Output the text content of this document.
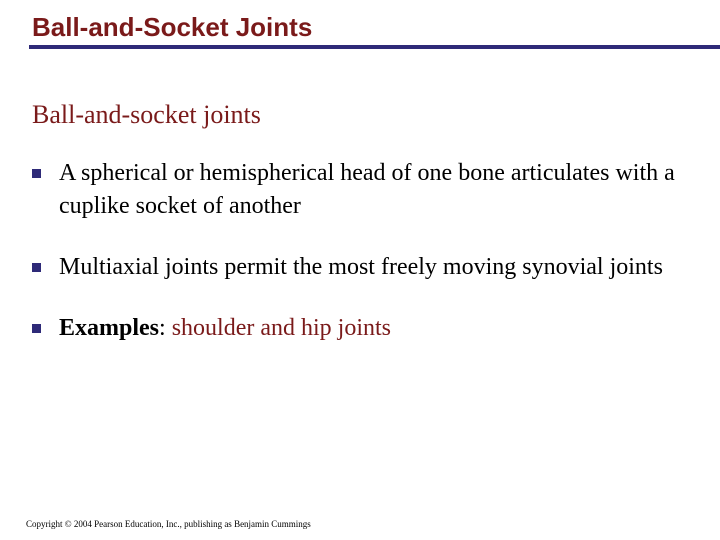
Ball-and-Socket Joints
Ball-and-socket joints
A spherical or hemispherical head of one bone articulates with a cuplike socket of another
Multiaxial joints permit the most freely moving synovial joints
Examples: shoulder and hip joints
Copyright © 2004 Pearson Education, Inc., publishing as Benjamin Cummings
